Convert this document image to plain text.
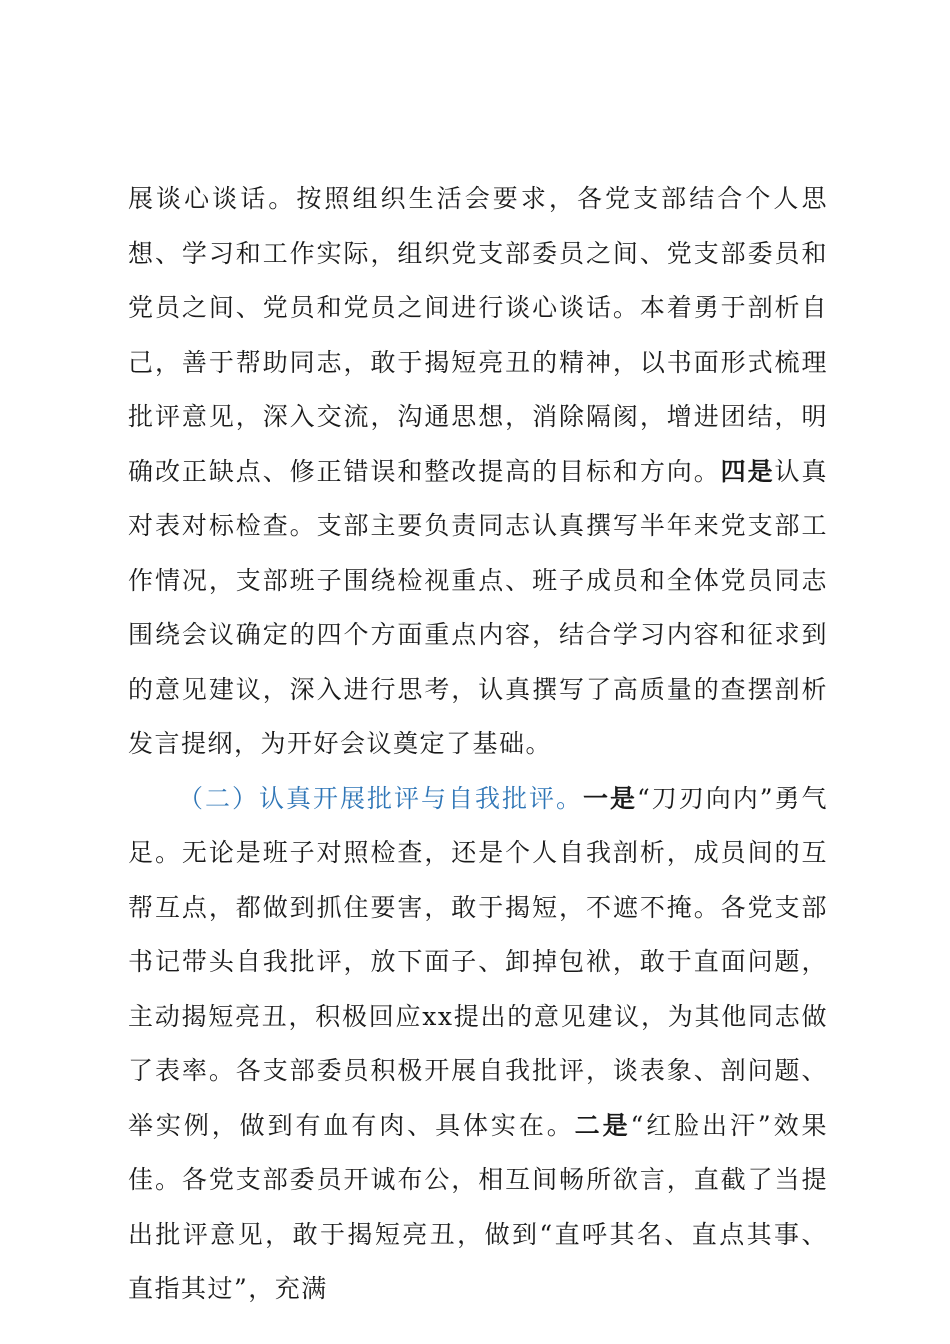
展谈心谈话。按照组织生活会要求，各党支部结合个人思想、学习和工作实际，组织党支部委员之间、党支部委员和党员之间、党员和党员之间进行谈心谈话。本着勇于剖析自己，善于帮助同志，敢于揭短亮丑的精神，以书面形式梳理批评意见，深入交流，沟通思想，消除隔阂，增进团结，明确改正缺点、修正错误和整改提高的目标和方向。四是认真对表对标检查。支部主要负责同志认真撰写半年来党支部工作情况，支部班子围绕检视重点、班子成员和全体党员同志围绕会议确定的四个方面重点内容，结合学习内容和征求到的意见建议，深入进行思考，认真撰写了高质量的查摆剖析发言提纲，为开好会议奠定了基础。

（二）认真开展批评与自我批评。一是“刀刃向内”勇气足。无论是班子对照检查，还是个人自我剖析，成员间的互帮互点，都做到抓住要害，敢于揭短，不遮不掩。各党支部书记带头自我批评，放下面子、卸掉包袱，敢于直面问题，主动揭短亮丑，积极回应xx提出的意见建议，为其他同志做了表率。各支部委员积极开展自我批评，谈表象、剖问题、举实例，做到有血有肉、具体实在。二是“红脸出汗”效果佳。各党支部委员开诚布公，相互间畅所欲言，直截了当提出批评意见，敢于揭短亮丑，做到“直呼其名、直点其事、直指其过”，充满
